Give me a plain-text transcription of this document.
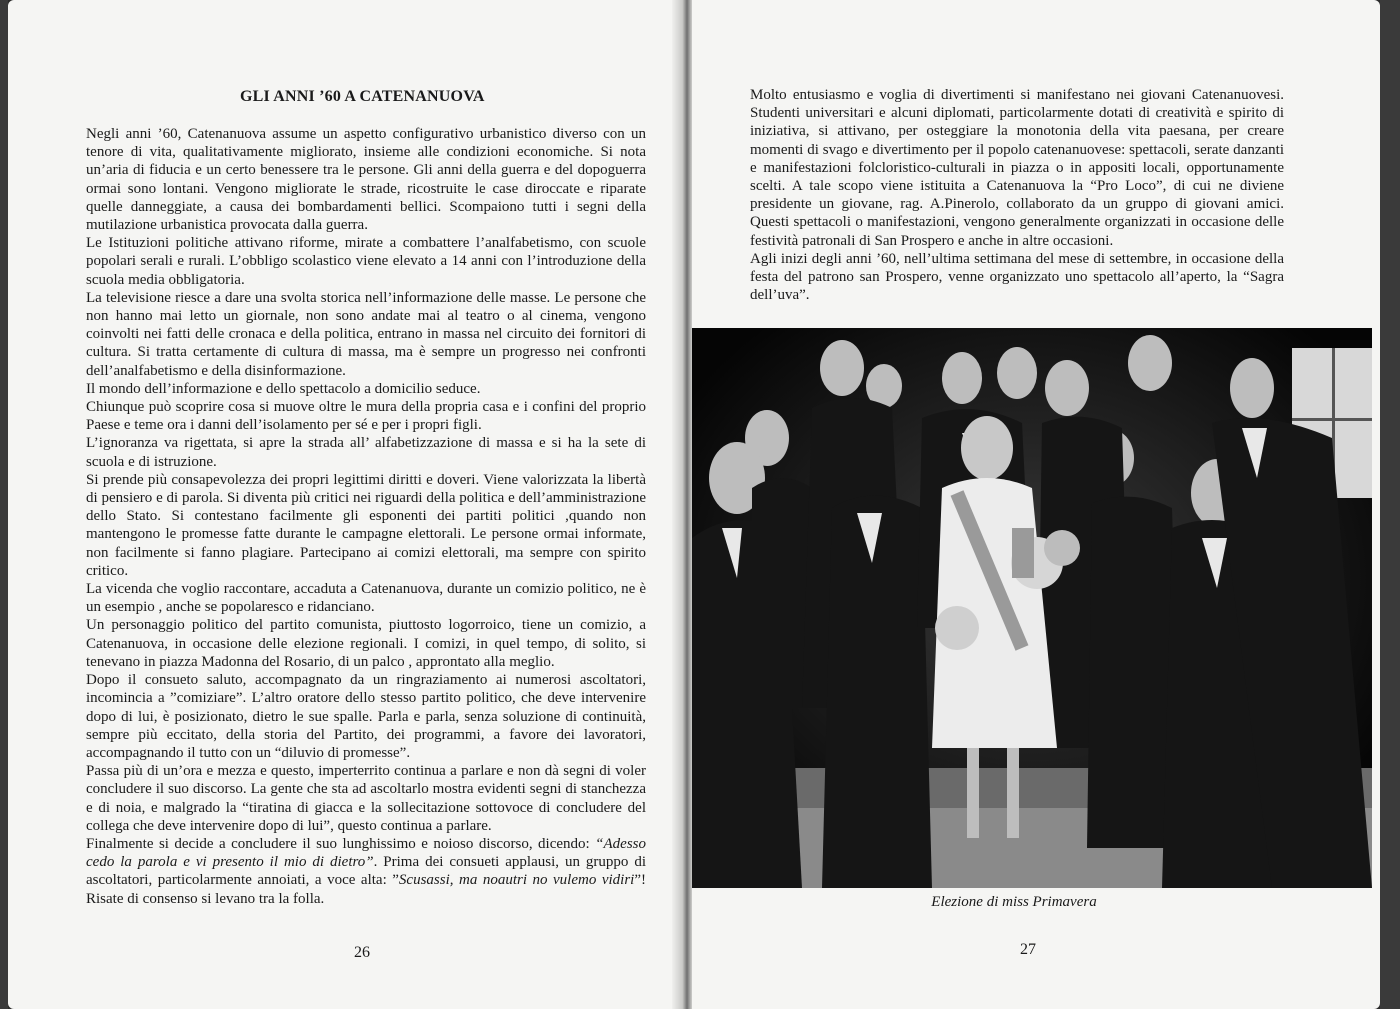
GLI ANNI ’60 A CATENANUOVA

Negli anni ’60, Catenanuova assume un aspetto configurativo urbanistico diverso con un tenore di vita, qualitativamente migliorato, insieme alle condizioni economiche. Si nota un’aria di fiducia e un certo benessere tra le persone. Gli anni della guerra e del dopoguerra ormai sono lontani. Vengono migliorate le strade, ricostruite le case diroccate e riparate quelle danneggiate, a causa dei bombardamenti bellici. Scompaiono tutti i segni della mutilazione urbanistica provocata dalla guerra.

Le Istituzioni politiche attivano riforme, mirate a combattere l’analfabetismo, con scuole popolari serali e rurali. L’obbligo scolastico viene elevato a 14 anni con l’introduzione della scuola media obbligatoria.

La televisione riesce a dare una svolta storica nell’informazione delle masse. Le persone che non hanno mai letto un giornale, non sono andate mai al teatro o al cinema, vengono coinvolti nei fatti delle cronaca e della politica, entrano in massa nel circuito dei fornitori di cultura. Si tratta certamente di cultura di massa, ma è sempre un progresso nei confronti dell’analfabetismo e della disinformazione.

Il mondo dell’informazione e dello spettacolo a domicilio seduce.

Chiunque può scoprire cosa si muove oltre le mura della propria casa e i confini del proprio Paese e teme ora i danni dell’isolamento per sé e per i propri figli.

L’ignoranza va rigettata, si apre la strada all’ alfabetizzazione di massa e si ha la sete di scuola e di istruzione.

Si prende più consapevolezza dei propri legittimi diritti e doveri. Viene valorizzata la libertà di pensiero e di parola. Si diventa più critici nei riguardi della politica e dell’amministrazione dello Stato. Si contestano facilmente gli esponenti dei partiti politici ,quando non mantengono le promesse fatte durante le campagne elettorali. Le persone ormai informate, non facilmente si fanno plagiare. Partecipano ai comizi elettorali, ma sempre con spirito critico.

La vicenda che voglio raccontare, accaduta a Catenanuova, durante un comizio politico, ne è un esempio , anche se popolaresco e ridanciano.

Un personaggio politico del partito comunista, piuttosto logorroico, tiene un comizio, a Catenanuova, in occasione delle elezione regionali. I comizi, in quel tempo, di solito, si tenevano in piazza Madonna del Rosario, di un palco , approntato alla meglio.

Dopo il consueto saluto, accompagnato da un ringraziamento ai numerosi ascoltatori, incomincia a ”comiziare”. L’altro oratore dello stesso partito politico, che deve intervenire dopo di lui, è posizionato, dietro le sue spalle. Parla e parla, senza soluzione di continuità, sempre più eccitato, della storia del Partito, dei programmi, a favore dei lavoratori, accompagnando il tutto con un “diluvio di promesse”.

Passa più di un’ora e mezza e questo, imperterrito continua a parlare e non dà segni di voler concludere il suo discorso. La gente che sta ad ascoltarlo mostra evidenti segni di stanchezza e di noia, e malgrado la “tiratina di giacca e la sollecitazione sottovoce di concludere del collega che deve intervenire dopo di lui”, questo continua a parlare.

Finalmente si decide a concludere il suo lunghissimo e noioso discorso, dicendo: “Adesso cedo la parola e vi presento il mio di dietro”. Prima dei consueti applausi, un gruppo di ascoltatori, particolarmente annoiati, a voce alta: ”Scusassi, ma noautri no vulemo vidiri”! Risate di consenso si levano tra la folla.

26

Molto entusiasmo e voglia di divertimenti si manifestano nei giovani Catenanuovesi. Studenti universitari e alcuni diplomati, particolarmente dotati di creatività e spirito di iniziativa, si attivano, per osteggiare la monotonia della vita paesana, per creare momenti di svago e divertimento per il popolo catenanuovese: spettacoli, serate danzanti e manifestazioni folcloristico-culturali in piazza o in appositi locali, opportunamente scelti. A tale scopo viene istituita a Catenanuova la “Pro Loco”, di cui ne diviene presidente un giovane, rag. A.Pinerolo, collaborato da un gruppo di giovani amici. Questi spettacoli o manifestazioni, vengono generalmente organizzati in occasione delle festività patronali di San Prospero e anche in altre occasioni.

Agli inizi degli anni ’60, nell’ultima settimana del mese di settembre, in occasione della festa del patrono san Prospero, venne organizzato uno spettacolo all’aperto, la “Sagra dell’uva”.

Elezione di miss Primavera
27
